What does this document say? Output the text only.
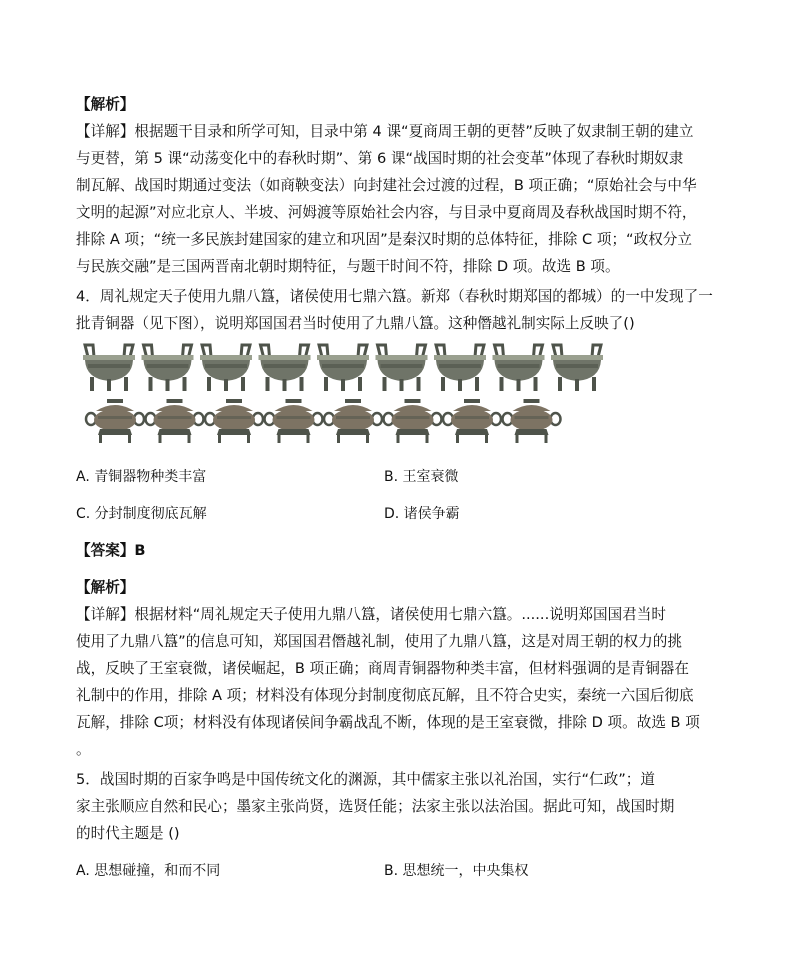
【解析】
【详解】根据题干目录和所学可知，目录中第 4 课“夏商周王朝的更替”反映了奴隶制王朝的建立
与更替，第 5 课“动荡变化中的春秋时期”、第 6 课“战国时期的社会变革”体现了春秋时期奴隶
制瓦解、战国时期通过变法（如商鞅变法）向封建社会过渡的过程，B 项正确；“原始社会与中华
文明的起源”对应北京人、半坡、河姆渡等原始社会内容，与目录中夏商周及春秋战国时期不符，
排除 A 项；“统一多民族封建国家的建立和巩固”是秦汉时期的总体特征，排除 C 项；“政权分立
与民族交融”是三国两晋南北朝时期特征，与题干时间不符，排除 D 项。故选 B 项。
4．周礼规定天子使用九鼎八簋，诸侯使用七鼎六簋。新郑（春秋时期郑国的都城）的一中发现了一
批青铜器（见下图），说明郑国国君当时使用了九鼎八簋。这种僭越礼制实际上反映了()
A. 青铜器物种类丰富	B. 王室衰微
C. 分封制度彻底瓦解	D. 诸侯争霸
【答案】B
【解析】
【详解】根据材料“周礼规定天子使用九鼎八簋，诸侯使用七鼎六簋。......说明郑国国君当时
使用了九鼎八簋”的信息可知，郑国国君僭越礼制，使用了九鼎八簋，这是对周王朝的权力的挑
战，反映了王室衰微，诸侯崛起，B 项正确；商周青铜器物种类丰富，但材料强调的是青铜器在
礼制中的作用，排除 A 项；材料没有体现分封制度彻底瓦解，且不符合史实，秦统一六国后彻底
瓦解，排除 C项；材料没有体现诸侯间争霸战乱不断，体现的是王室衰微，排除 D 项。故选 B 项
。
5．战国时期的百家争鸣是中国传统文化的渊源，其中儒家主张以礼治国，实行“仁政”；道
家主张顺应自然和民心；墨家主张尚贤，选贤任能；法家主张以法治国。据此可知，战国时期
的时代主题是 ()
A. 思想碰撞，和而不同	B. 思想统一，中央集权
